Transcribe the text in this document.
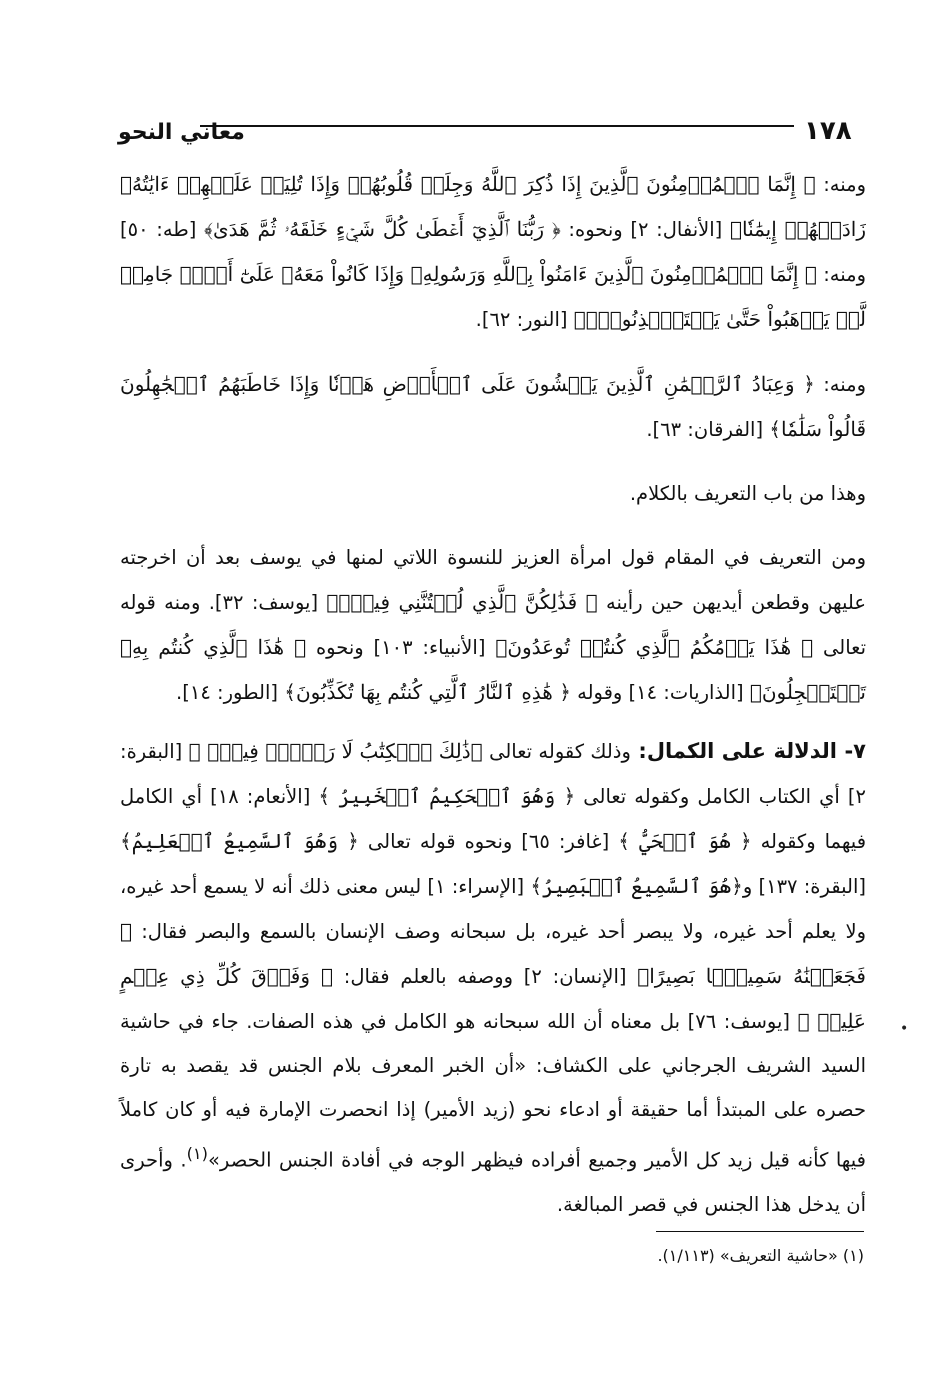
١٧٨
معاني النحو

ومنه: ﴿ إِنَّمَا ٱلۡمُؤۡمِنُونَ ٱلَّذِينَ إِذَا ذُكِرَ ٱللَّهُ وَجِلَتۡ قُلُوبُهُمۡ وَإِذَا تُلِيَتۡ عَلَيۡهِمۡ ءَايَٰتُهُۥ زَادَتۡهُمۡ إِيمَٰنٗا﴾ [الأنفال: ٢] ونحوه: ﴿ رَبُّنَا ٱلَّذِيٓ أَعۡطَىٰ كُلَّ شَيۡءٍ خَلۡقَهُۥ ثُمَّ هَدَىٰ﴾ [طه: ٥٠] ومنه: ﴿ إِنَّمَا ٱلۡمُؤۡمِنُونَ ٱلَّذِينَ ءَامَنُواْ بِٱللَّهِ وَرَسُولِهِۦ وَإِذَا كَانُواْ مَعَهُۥ عَلَىٰٓ أَمۡرٖ جَامِعٖ لَّمۡ يَذۡهَبُواْ حَتَّىٰ يَسۡتَـٔۡذِنُوهُۚ﴾ [النور: ٦٢].

ومنه: ﴿ وَعِبَادُ ٱلرَّحۡمَٰنِ ٱلَّذِينَ يَمۡشُونَ عَلَى ٱلۡأَرۡضِ هَوۡنٗا وَإِذَا خَاطَبَهُمُ ٱلۡجَٰهِلُونَ قَالُواْ سَلَٰمٗا﴾ [الفرقان: ٦٣].

وهذا من باب التعريف بالكلام.

ومن التعريف في المقام قول امرأة العزيز للنسوة اللاتي لمنها في يوسف بعد أن اخرجته عليهن وقطعن أيديهن حين رأينه ﴿ فَذَٰلِكُنَّ ٱلَّذِي لُمۡتُنَّنِي فِيهِۖ﴾ [يوسف: ٣٢]. ومنه قوله تعالى ﴿ هَٰذَا يَوۡمُكُمُ ٱلَّذِي كُنتُمۡ تُوعَدُونَ﴾ [الأنبياء: ١٠٣] ونحوه ﴿ هَٰذَا ٱلَّذِي كُنتُم بِهِۦ تَسۡتَعۡجِلُونَ﴾ [الذاريات: ١٤] وقوله ﴿ هَٰذِهِ ٱلنَّارُ ٱلَّتِي كُنتُم بِهَا تُكَذِّبُونَ﴾ [الطور: ١٤].

٧- الدلالة على الكمال: وذلك كقوله تعالى ﴿ذَٰلِكَ ٱلۡكِتَٰبُ لَا رَيۡبَۛ فِيهِۛ ﴾ [البقرة: ٢] أي الكتاب الكامل وكقوله تعالى ﴿ وَهُوَ ٱلۡحَكِيمُ ٱلۡخَبِيرُ ﴾ [الأنعام: ١٨] أي الكامل فيهما وكقوله ﴿ هُوَ ٱلۡحَيُّ ﴾ [غافر: ٦٥] ونحوه قوله تعالى ﴿ وَهُوَ ٱلسَّمِيعُ ٱلۡعَلِيمُ﴾ [البقرة: ١٣٧] و﴿هُوَ ٱلسَّمِيعُ ٱلۡبَصِيرُ﴾ [الإسراء: ١] ليس معنى ذلك أنه لا يسمع أحد غيره، ولا يعلم أحد غيره، ولا يبصر أحد غيره، بل سبحانه وصف الإنسان بالسمع والبصر فقال: ﴿ فَجَعَلۡنَٰهُ سَمِيعَۢا بَصِيرًا﴾ [الإنسان: ٢] ووصفه بالعلم فقال: ﴿ وَفَوۡقَ كُلِّ ذِي عِلۡمٍ عَلِيمٞ ﴾ [يوسف: ٧٦] بل معناه أن الله سبحانه هو الكامل في هذه الصفات. جاء في حاشية السيد الشريف الجرجاني على الكشاف: «أن الخبر المعرف بلام الجنس قد يقصد به تارة حصره على المبتدأ أما حقيقة أو ادعاء نحو (زيد الأمير) إذا انحصرت الإمارة فيه أو كان كاملاً فيها كأنه قيل زيد كل الأمير وجميع أفراده فيظهر الوجه في أفادة الجنس الحصر»$^{(١)}$. وأحرى أن يدخل هذا الجنس في قصر المبالغة.

•
(١) «حاشية التعريف» (١/١١٣).
